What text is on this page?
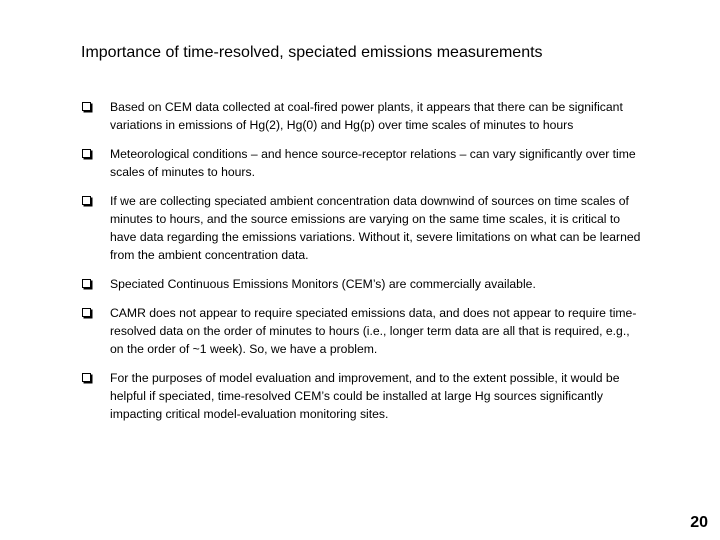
Importance of time-resolved, speciated emissions measurements
Based on CEM data collected at coal-fired power plants, it appears that there can be significant variations in emissions of Hg(2), Hg(0) and Hg(p) over time scales of minutes to hours
Meteorological conditions – and hence source-receptor relations – can vary significantly over time scales of minutes to hours.
If we are collecting speciated ambient concentration data downwind of sources on time scales of minutes to hours, and the source emissions are varying on the same time scales, it is critical to have data regarding the emissions variations. Without it, severe limitations on what can be learned from the ambient concentration data.
Speciated Continuous Emissions Monitors (CEM’s) are commercially available.
CAMR does not appear to require speciated emissions data, and does not appear to require time-resolved data on the order of minutes to hours (i.e., longer term data are all that is required, e.g., on the order of ~1 week). So, we have a problem.
For the purposes of model evaluation and improvement, and to the extent possible, it would be helpful if speciated, time-resolved CEM’s could be installed at large Hg sources significantly impacting critical model-evaluation monitoring sites.
20
